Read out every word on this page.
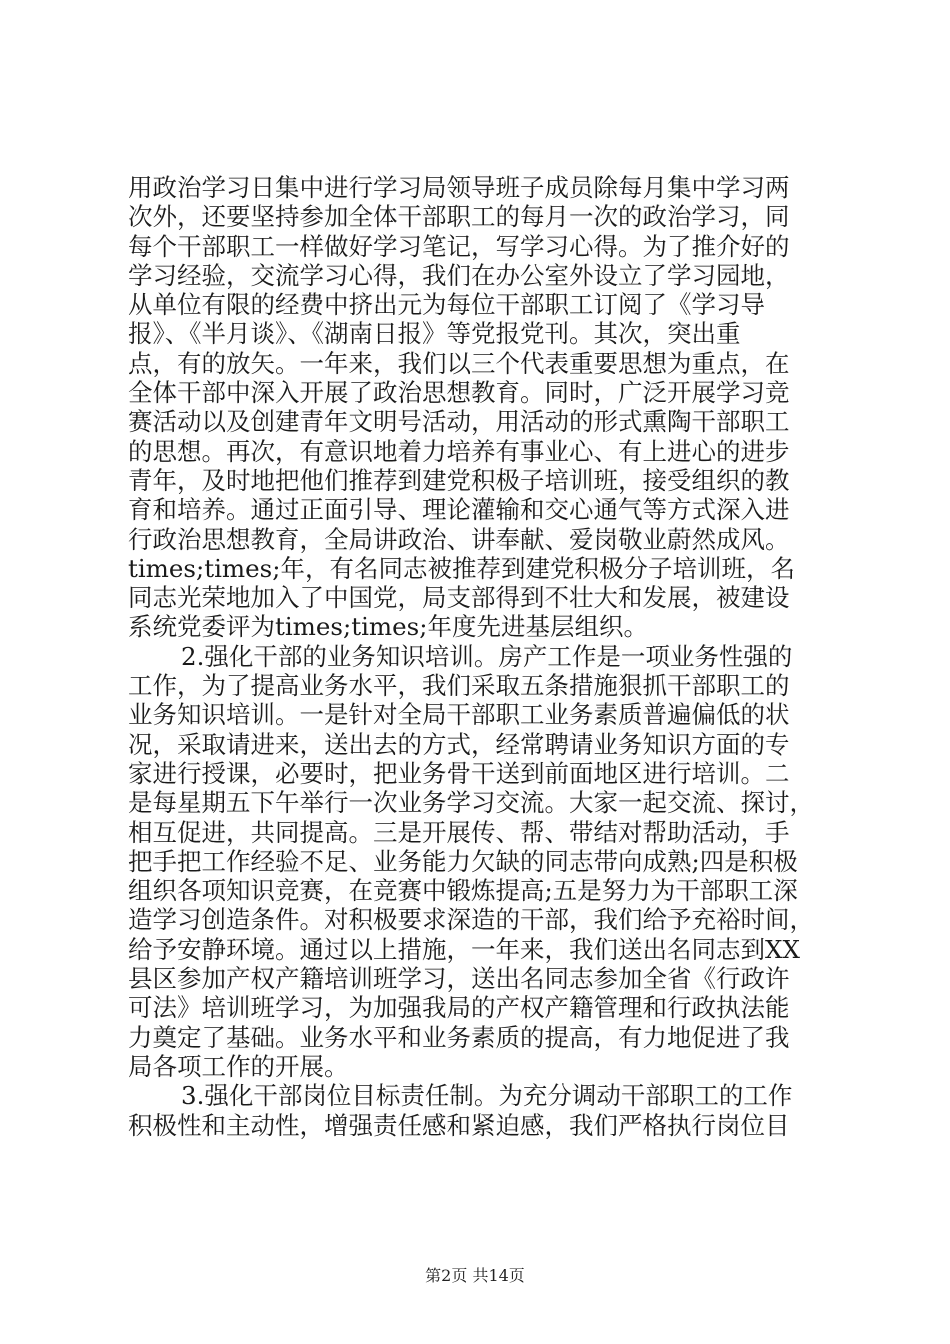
用政治学习日集中进行学习局领导班子成员除每月集中学习两
次外，还要坚持参加全体干部职工的每月一次的政治学习，同
每个干部职工一样做好学习笔记，写学习心得。为了推介好的
学习经验，交流学习心得，我们在办公室外设立了学习园地，
从单位有限的经费中挤出元为每位干部职工订阅了《学习导
报》、《半月谈》、《湖南日报》等党报党刊。其次，突出重
点，有的放矢。一年来，我们以三个代表重要思想为重点，在
全体干部中深入开展了政治思想教育。同时，广泛开展学习竞
赛活动以及创建青年文明号活动，用活动的形式熏陶干部职工
的思想。再次，有意识地着力培养有事业心、有上进心的进步
青年，及时地把他们推荐到建党积极子培训班，接受组织的教
育和培养。通过正面引导、理论灌输和交心通气等方式深入进
行政治思想教育，全局讲政治、讲奉献、爱岗敬业蔚然成风。
times;times;年，有名同志被推荐到建党积极分子培训班，名
同志光荣地加入了中国党，局支部得到不壮大和发展，被建设
系统党委评为times;times;年度先进基层组织。
2.强化干部的业务知识培训。房产工作是一项业务性强的
工作，为了提高业务水平，我们采取五条措施狠抓干部职工的
业务知识培训。一是针对全局干部职工业务素质普遍偏低的状
况，采取请进来，送出去的方式，经常聘请业务知识方面的专
家进行授课，必要时，把业务骨干送到前面地区进行培训。二
是每星期五下午举行一次业务学习交流。大家一起交流、探讨，
相互促进，共同提高。三是开展传、帮、带结对帮助活动，手
把手把工作经验不足、业务能力欠缺的同志带向成熟;四是积极
组织各项知识竞赛，在竞赛中锻炼提高;五是努力为干部职工深
造学习创造条件。对积极要求深造的干部，我们给予充裕时间，
给予安静环境。通过以上措施，一年来，我们送出名同志到XX
县区参加产权产籍培训班学习，送出名同志参加全省《行政许
可法》培训班学习，为加强我局的产权产籍管理和行政执法能
力奠定了基础。业务水平和业务素质的提高，有力地促进了我
局各项工作的开展。
3.强化干部岗位目标责任制。为充分调动干部职工的工作
积极性和主动性，增强责任感和紧迫感，我们严格执行岗位目
第2页 共14页
